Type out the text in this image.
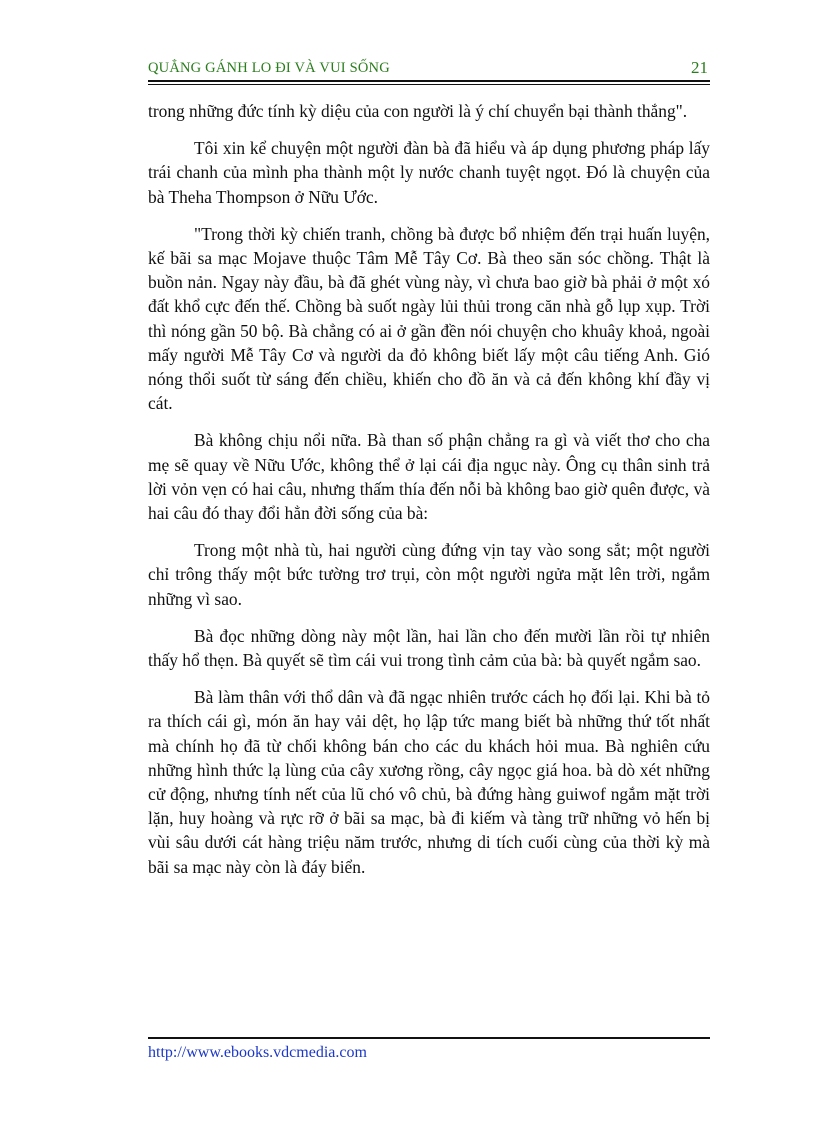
QUẲNG GÁNH LO ĐI VÀ VUI SỐNG	21

trong những đức tính kỳ diệu của con người là ý chí chuyển bại thành thắng".

Tôi xin kể chuyện một người đàn bà đã hiểu và áp dụng phương pháp lấy trái chanh của mình pha thành một ly nước chanh tuyệt ngọt. Đó là chuyện của bà Theha Thompson ở Nữu Ước.

"Trong thời kỳ chiến tranh, chồng bà được bổ nhiệm đến trại huấn luyện, kế bãi sa mạc Mojave thuộc Tâm Mễ Tây Cơ. Bà theo săn sóc chồng. Thật là buồn nản. Ngay này đầu, bà đã ghét vùng này, vì chưa bao giờ bà phải ở một xó đất khổ cực đến thế. Chồng bà suốt ngày lủi thủi trong căn nhà gỗ lụp xụp. Trời thì nóng gần 50 bộ. Bà chẳng có ai ở gần đền nói chuyện cho khuây khoả, ngoài mấy người Mễ Tây Cơ và người da đỏ không biết lấy một câu tiếng Anh. Gió nóng thổi suốt từ sáng đến chiều, khiến cho đồ ăn và cả đến không khí đầy vị cát.

Bà không chịu nổi nữa. Bà than số phận chẳng ra gì và viết thơ cho cha mẹ sẽ quay về Nữu Ước, không thể ở lại cái địa ngục này. Ông cụ thân sinh trả lời vỏn vẹn có hai câu, nhưng thấm thía đến nỗi bà không bao giờ quên được, và hai câu đó thay đổi hẳn đời sống của bà:

Trong một nhà tù, hai người cùng đứng vịn tay vào song sắt; một người chỉ trông thấy một bức tường trơ trụi, còn một người ngửa mặt lên trời, ngắm những vì sao.

Bà đọc những dòng này một lần, hai lần cho đến mười lần rồi tự nhiên thấy hổ thẹn. Bà quyết sẽ tìm cái vui trong tình cảm của bà: bà quyết ngắm sao.

Bà làm thân với thổ dân và đã ngạc nhiên trước cách họ đối lại. Khi bà tỏ ra thích cái gì, món ăn hay vải dệt, họ lập tức mang biết bà những thứ tốt nhất mà chính họ đã từ chối không bán cho các du khách hỏi mua. Bà nghiên cứu những hình thức lạ lùng của cây xương rồng, cây ngọc giá hoa. bà dò xét những cử động, nhưng tính nết của lũ chó vô chủ, bà đứng hàng guiwof ngắm mặt trời lặn, huy hoàng và rực rỡ ở bãi sa mạc, bà đi kiếm và tàng trữ những vỏ hến bị vùi sâu dưới cát hàng triệu năm trước, nhưng di tích cuối cùng của thời kỳ mà bãi sa mạc này còn là đáy biển.

http://www.ebooks.vdcmedia.com
